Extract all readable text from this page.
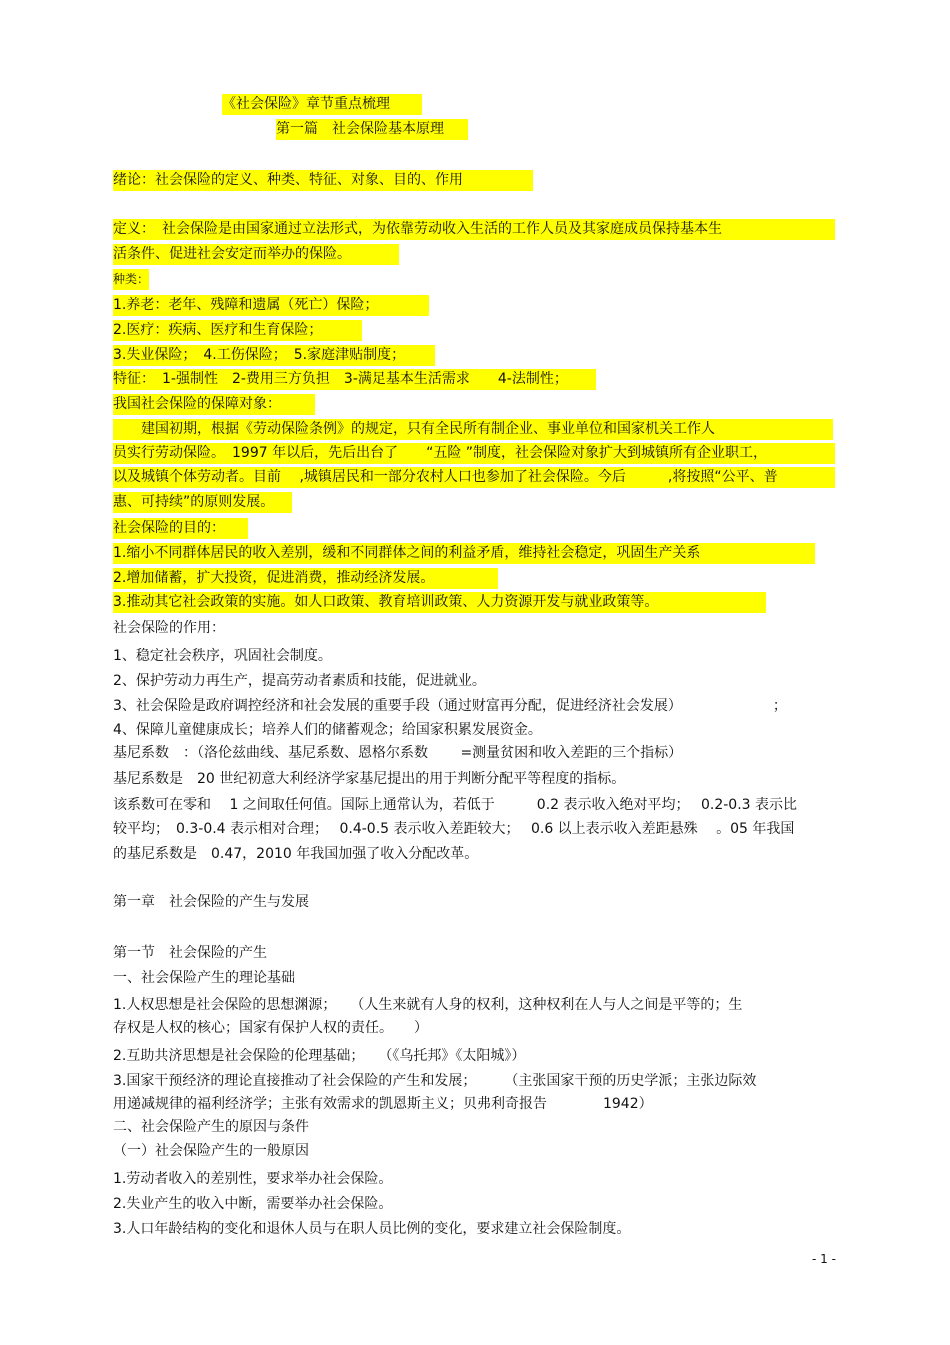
《社会保险》章节重点梳理
第一篇　社会保险基本原理
绪论：社会保险的定义、种类、特征、对象、目的、作用
定义：　社会保险是由国家通过立法形式，为依靠劳动收入生活的工作人员及其家庭成员保持基本生
活条件、促进社会安定而举办的保险。
种类：
1.养老：老年、残障和遗属（死亡）保险；
2.医疗：疾病、医疗和生育保险；
3.失业保险；　4.工伤保险；　5.家庭津贴制度；
特征：　1-强制性　2-费用三方负担　3-满足基本生活需求　　4-法制性；
我国社会保险的保障对象：
　　建国初期，根据《劳动保险条例》的规定，只有全民所有制企业、事业单位和国家机关工作人
员实行劳动保险。　1997 年以后，先后出台了　　“五险 ”制度，社会保险对象扩大到城镇所有企业职工，
以及城镇个体劳动者。目前　 ,城镇居民和一部分农村人口也参加了社会保险。今后　　　,将按照“公平、普
惠、可持续”的原则发展。
社会保险的目的：
1.缩小不同群体居民的收入差别，缓和不同群体之间的利益矛盾，维持社会稳定，巩固生产关系
2.增加储蓄，扩大投资，促进消费，推动经济发展。
3.推动其它社会政策的实施。如人口政策、教育培训政策、人力资源开发与就业政策等。
社会保险的作用：
1、稳定社会秩序，巩固社会制度。
2、保护劳动力再生产，提高劳动者素质和技能，促进就业。
3、社会保险是政府调控经济和社会发展的重要手段（通过财富再分配，促进经济社会发展）　　　　　　　；
4、保障儿童健康成长；培养人们的储蓄观念；给国家积累发展资金。
基尼系数　：（洛伦兹曲线、基尼系数、恩格尔系数　　 =测量贫困和收入差距的三个指标）
基尼系数是　20 世纪初意大利经济学家基尼提出的用于判断分配平等程度的指标。
该系数可在零和　 1 之间取任何值。国际上通常认为，若低于　　　0.2 表示收入绝对平均；　 0.2-0.3 表示比
较平均；　0.3-0.4 表示相对合理；　 0.4-0.5 表示收入差距较大；　 0.6 以上表示收入差距悬殊　 。05 年我国
的基尼系数是　0.47，2010 年我国加强了收入分配改革。
第一章　社会保险的产生与发展
第一节　社会保险的产生
一、社会保险产生的理论基础
1.人权思想是社会保险的思想渊源；　　（人生来就有人身的权利，这种权利在人与人之间是平等的；生
存权是人权的核心；国家有保护人权的责任。　　）
2.互助共济思想是社会保险的伦理基础；　　（《乌托邦》《太阳城》）
3.国家干预经济的理论直接推动了社会保险的产生和发展；　　　（主张国家干预的历史学派；主张边际效
用递减规律的福利经济学；主张有效需求的凯恩斯主义；贝弗利奇报告　　　　1942）
二、社会保险产生的原因与条件
（一）社会保险产生的一般原因
1.劳动者收入的差别性，要求举办社会保险。
2.失业产生的收入中断，需要举办社会保险。
3.人口年龄结构的变化和退休人员与在职人员比例的变化，要求建立社会保险制度。
- 1 -
